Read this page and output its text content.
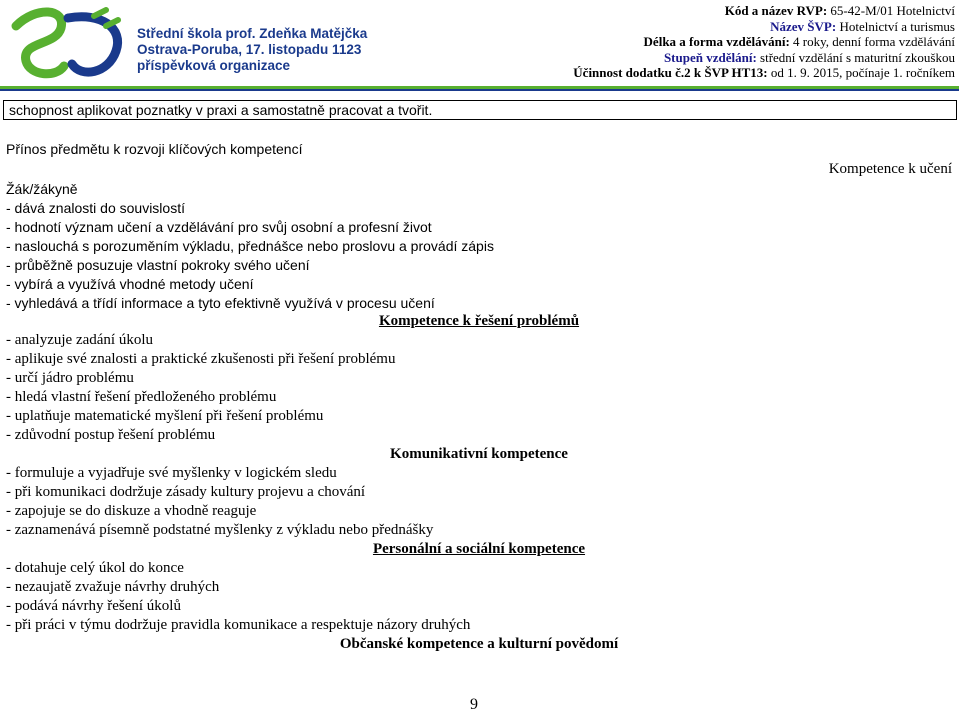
Střední škola prof. Zdeňka Matějčka
Ostrava-Poruba, 17. listopadu 1123
příspěvková organizace
Kód a název RVP: 65-42-M/01 Hotelnictví
Název ŠVP: Hotelnictví a turismus
Délka a forma vzdělávání: 4 roky, denní forma vzdělávání
Stupeň vzdělání: střední vzdělání s maturitní zkouškou
Účinnost dodatku č.2 k ŠVP HT13: od 1. 9. 2015, počínaje 1. ročníkem
schopnost aplikovat poznatky v praxi a samostatně pracovat a tvořit.
Přínos předmětu k rozvoji klíčových kompetencí
Kompetence k učení
Žák/žákyně
- dává znalosti do souvislostí
- hodnotí význam učení a vzdělávání pro svůj osobní a profesní život
- naslouchá s porozuměním výkladu, přednášce nebo proslovu a provádí zápis
- průběžně posuzuje vlastní pokroky svého učení
- vybírá a využívá vhodné metody učení
- vyhledává a třídí informace a tyto efektivně využívá v procesu učení
Kompetence k řešení problémů
- analyzuje zadání úkolu
- aplikuje své znalosti a praktické zkušenosti při řešení problému
- určí jádro problému
- hledá vlastní řešení předloženého problému
- uplatňuje matematické myšlení při řešení problému
- zdůvodní postup řešení problému
Komunikativní kompetence
- formuluje a vyjadřuje své myšlenky v logickém sledu
- při komunikaci dodržuje zásady kultury projevu a chování
- zapojuje se do diskuze a vhodně reaguje
- zaznamenává písemně podstatné myšlenky z výkladu nebo přednášky
Personální a sociální kompetence
- dotahuje celý úkol do konce
- nezaujatě zvažuje návrhy druhých
- podává návrhy řešení úkolů
- při práci v týmu dodržuje pravidla komunikace a respektuje názory druhých
Občanské kompetence a kulturní povědomí
9
